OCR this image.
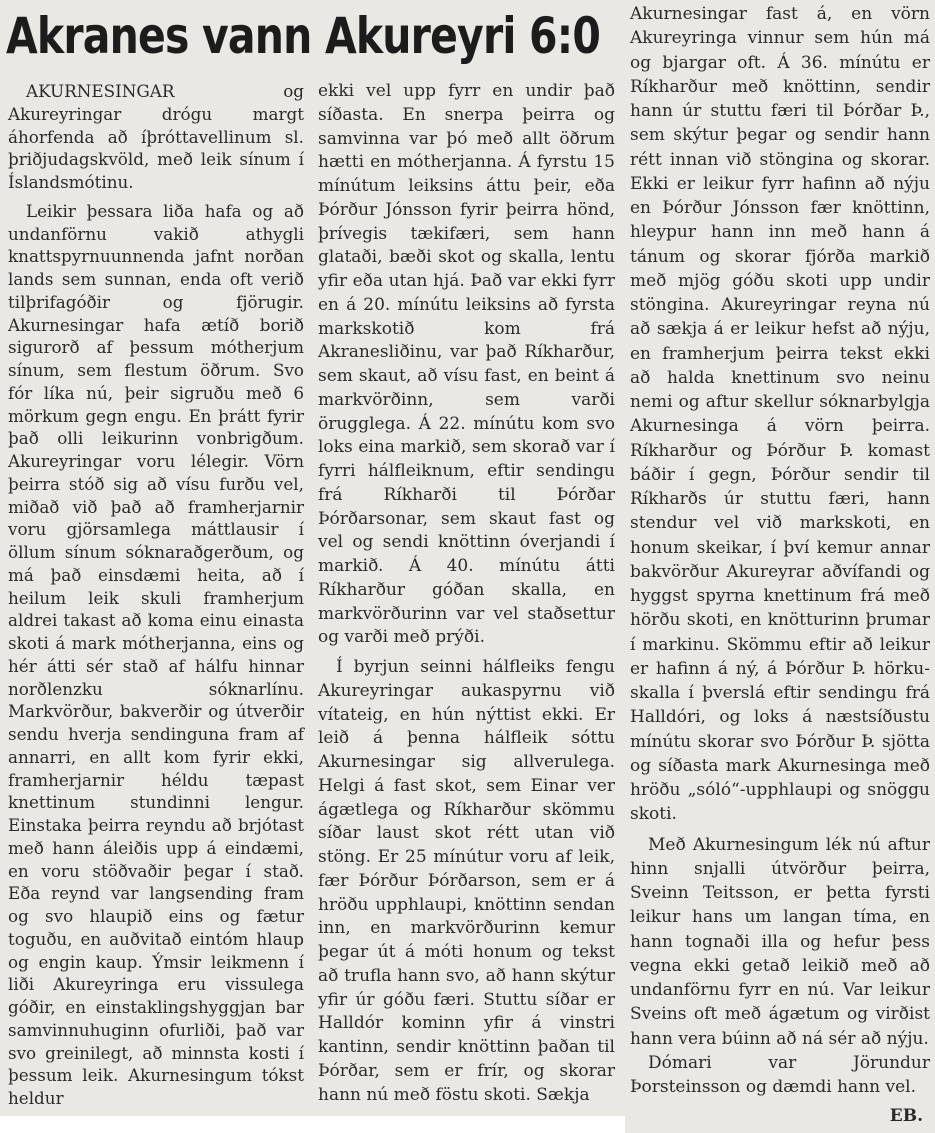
Akranes vann Akureyri 6:0

AKURNESINGAR og Akureyringar drógu margt áhorfenda að íþróttavellinum sl. þriðjudagskvöld, með leik sínum í Íslandsmótinu.

Leikir þessara liða hafa og að undanförnu vakið athygli knattspyrnuunnenda jafnt norðan lands sem sunnan, enda oft verið tilþrifagóðir og fjörugir. Akurnesingar hafa ætíð borið sigurorð af þessum mótherjum sínum, sem flestum öðrum. Svo fór líka nú, þeir sigruðu með 6 mörkum gegn engu. En þrátt fyrir það olli leikurinn vonbrigðum. Akureyringar voru lélegir. Vörn þeirra stóð sig að vísu furðu vel, miðað við það að framherjarnir voru gjörsamlega máttlausir í öllum sínum sóknaraðgerðum, og má það einsdæmi heita, að í heilum leik skuli framherjum aldrei takast að koma einu einasta skoti á mark mótherjanna, eins og hér átti sér stað af hálfu hinnar norðlenzku sóknarlínu. Markvörður, bakverðir og útverðir sendu hverja sendinguna fram af annarri, en allt kom fyrir ekki, framherjarnir héldu tæpast knettinum stundinni lengur. Einstaka þeirra reyndu að brjótast með hann áleiðis upp á eindæmi, en voru stöðvaðir þegar í stað. Eða reynd var langsending fram og svo hlaupið eins og fætur toguðu, en auðvitað eintóm hlaup og engin kaup. Ýmsir leikmenn í liði Akureyringa eru vissulega góðir, en einstaklingshyggjan bar samvinnuhuginn ofurliði, það var svo greinilegt, að minnsta kosti í þessum leik. Akurnesingum tókst heldur

ekki vel upp fyrr en undir það síðasta. En snerpa þeirra og samvinna var þó með allt öðrum hætti en mótherjanna. Á fyrstu 15 mínútum leiksins áttu þeir, eða Þórður Jónsson fyrir þeirra hönd, þrívegis tækifæri, sem hann glataði, bæði skot og skalla, lentu yfir eða utan hjá. Það var ekki fyrr en á 20. mínútu leiksins að fyrsta markskotið kom frá Akranesliðinu, var það Ríkharður, sem skaut, að vísu fast, en beint á markvörðinn, sem varði örugglega. Á 22. mínútu kom svo loks eina markið, sem skorað var í fyrri hálfleiknum, eftir sendingu frá Ríkharði til Þórðar Þórðarsonar, sem skaut fast og vel og sendi knöttinn óverjandi í markið. Á 40. mínútu átti Ríkharður góðan skalla, en markvörðurinn var vel staðsettur og varði með prýði.

Í byrjun seinni hálfleiks fengu Akureyringar aukaspyrnu við vítateig, en hún nýttist ekki. Er leið á þenna hálfleik sóttu Akurnesingar sig allverulega. Helgi á fast skot, sem Einar ver ágætlega og Ríkharður skömmu síðar laust skot rétt utan við stöng. Er 25 mínútur voru af leik, fær Þórður Þórðarson, sem er á hröðu upphlaupi, knöttinn sendan inn, en markvörðurinn kemur þegar út á móti honum og tekst að trufla hann svo, að hann skýtur yfir úr góðu færi. Stuttu síðar er Halldór kominn yfir á vinstri kantinn, sendir knöttinn þaðan til Þórðar, sem er frír, og skorar hann nú með föstu skoti. Sækja

Akurnesingar fast á, en vörn Akureyringa vinnur sem hún má og bjargar oft. Á 36. mínútu er Ríkharður með knöttinn, sendir hann úr stuttu færi til Þórðar Þ., sem skýtur þegar og sendir hann rétt innan við stöngina og skorar. Ekki er leikur fyrr hafinn að nýju en Þórður Jónsson fær knöttinn, hleypur hann inn með hann á tánum og skorar fjórða markið með mjög góðu skoti upp undir stöngina. Akureyringar reyna nú að sækja á er leikur hefst að nýju, en framherjum þeirra tekst ekki að halda knettinum svo neinu nemi og aftur skellur sóknarbylgja Akurnesinga á vörn þeirra. Ríkharður og Þórður Þ. komast báðir í gegn, Þórður sendir til Ríkharðs úr stuttu færi, hann stendur vel við markskoti, en honum skeikar, í því kemur annar bakvörður Akureyrar aðvífandi og hyggst spyrna knettinum frá með hörðu skoti, en knötturinn þrumar í markinu. Skömmu eftir að leikur er hafinn á ný, á Þórður Þ. hörku-skalla í þverslá eftir sendingu frá Halldóri, og loks á næstsíðustu mínútu skorar svo Þórður Þ. sjötta og síðasta mark Akurnesinga með hröðu „sóló“-upphlaupi og snöggu skoti.

Með Akurnesingum lék nú aftur hinn snjalli útvörður þeirra, Sveinn Teitsson, er þetta fyrsti leikur hans um langan tíma, en hann tognaði illa og hefur þess vegna ekki getað leikið með að undanförnu fyrr en nú. Var leikur Sveins oft með ágætum og virðist hann vera búinn að ná sér að nýju.

Dómari var Jörundur Þorsteinsson og dæmdi hann vel.

EB.
